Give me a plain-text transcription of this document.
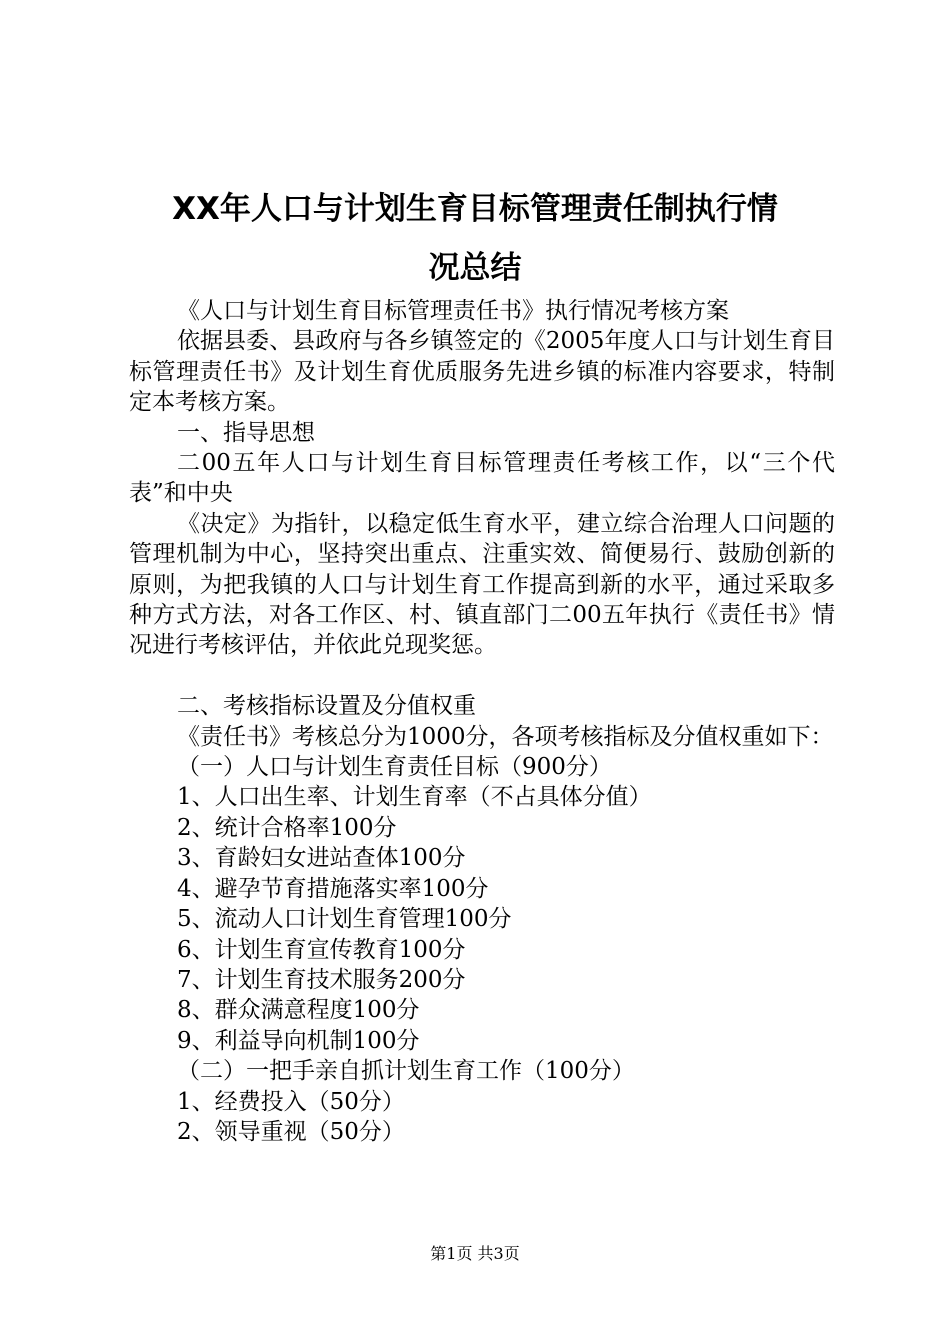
XX年人口与计划生育目标管理责任制执行情
况总结

《人口与计划生育目标管理责任书》执行情况考核方案

依据县委、县政府与各乡镇签定的《2005年度人口与计划生育目标管理责任书》及计划生育优质服务先进乡镇的标准内容要求，特制定本考核方案。

一、指导思想

二00五年人口与计划生育目标管理责任考核工作，以“三个代表”和中央

《决定》为指针，以稳定低生育水平，建立综合治理人口问题的管理机制为中心，坚持突出重点、注重实效、简便易行、鼓励创新的原则，为把我镇的人口与计划生育工作提高到新的水平，通过采取多种方式方法，对各工作区、村、镇直部门二00五年执行《责任书》情况进行考核评估，并依此兑现奖惩。

二、考核指标设置及分值权重

《责任书》考核总分为1000分，各项考核指标及分值权重如下：

（一）人口与计划生育责任目标（900分）

1、人口出生率、计划生育率（不占具体分值）

2、统计合格率100分

3、育龄妇女进站查体100分

4、避孕节育措施落实率100分

5、流动人口计划生育管理100分

6、计划生育宣传教育100分

7、计划生育技术服务200分

8、群众满意程度100分

9、利益导向机制100分

（二）一把手亲自抓计划生育工作（100分）

1、经费投入（50分）

2、领导重视（50分）

第1页 共3页
